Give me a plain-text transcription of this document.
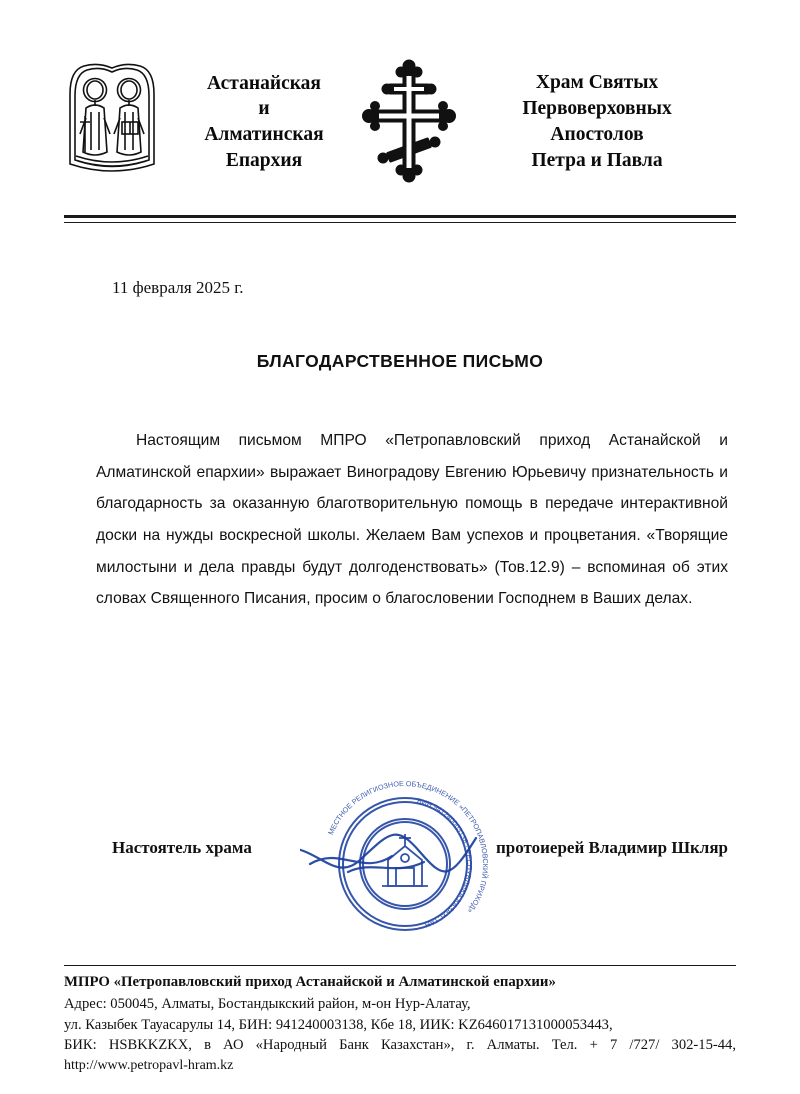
Астанайская
и
Алматинская
Епархия
Храм Святых
Первоверховных
Апостолов
Петра и Павла
11 февраля 2025 г.
БЛАГОДАРСТВЕННОЕ ПИСЬМО
Настоящим письмом МПРО «Петропавловский приход Астанайской и Алматинской епархии» выражает Виноградову Евгению Юрьевичу признательность и благодарность за оказанную благотворительную помощь в передаче интерактивной доски на нужды воскресной школы. Желаем Вам успехов и процветания. «Творящие милостыни и дела правды будут долгоденствовать» (Тов.12.9) – вспоминая об этих словах Священного Писания, просим о благословении Господнем в Ваших делах.
МЕСТНОЕ РЕЛИГИОЗНОЕ ОБЪЕДИНЕНИЕ «ПЕТРОПАВЛОВСКИЙ ПРИХОД»
БИН 941240003138 · РЕСПУБЛИКА КАЗАХСТАН
Настоятель храма	протоиерей Владимир Шкляр
МПРО «Петропавловский приход Астанайской и Алматинской епархии»
Адрес: 050045, Алматы, Бостандыкский район, м-он Нур-Алатау,
ул. Казыбек Тауасарулы 14, БИН: 941240003138, Кбе 18, ИИК: KZ646017131000053443,
БИК: HSBKKZKX, в АО «Народный Банк Казахстан», г. Алматы. Тел. + 7 /727/ 302-15-44,
http://www.petropavl-hram.kz
